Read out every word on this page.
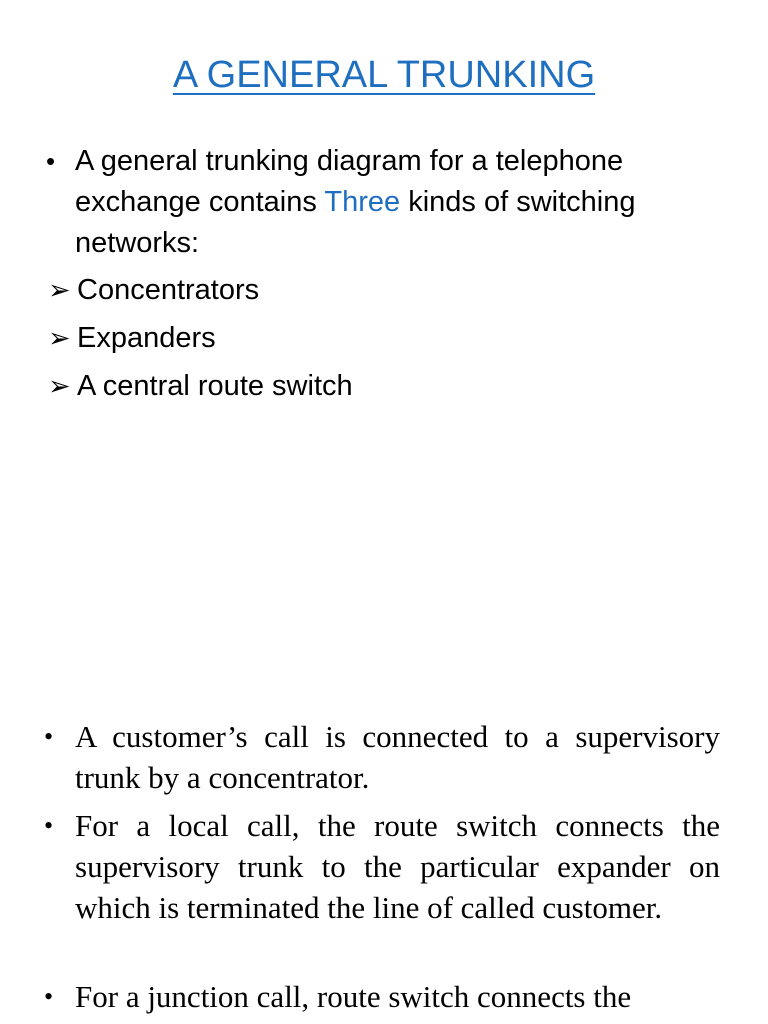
A GENERAL TRUNKING
• A general trunking diagram for a telephone exchange contains Three kinds of switching networks:
➢ Concentrators
➢ Expanders
➢ A central route switch
• A customer’s call is connected to a supervisory trunk by a concentrator.
• For a local call, the route switch connects the supervisory trunk to the particular expander on which is terminated the line of called customer.
• For a junction call, route switch connects the
